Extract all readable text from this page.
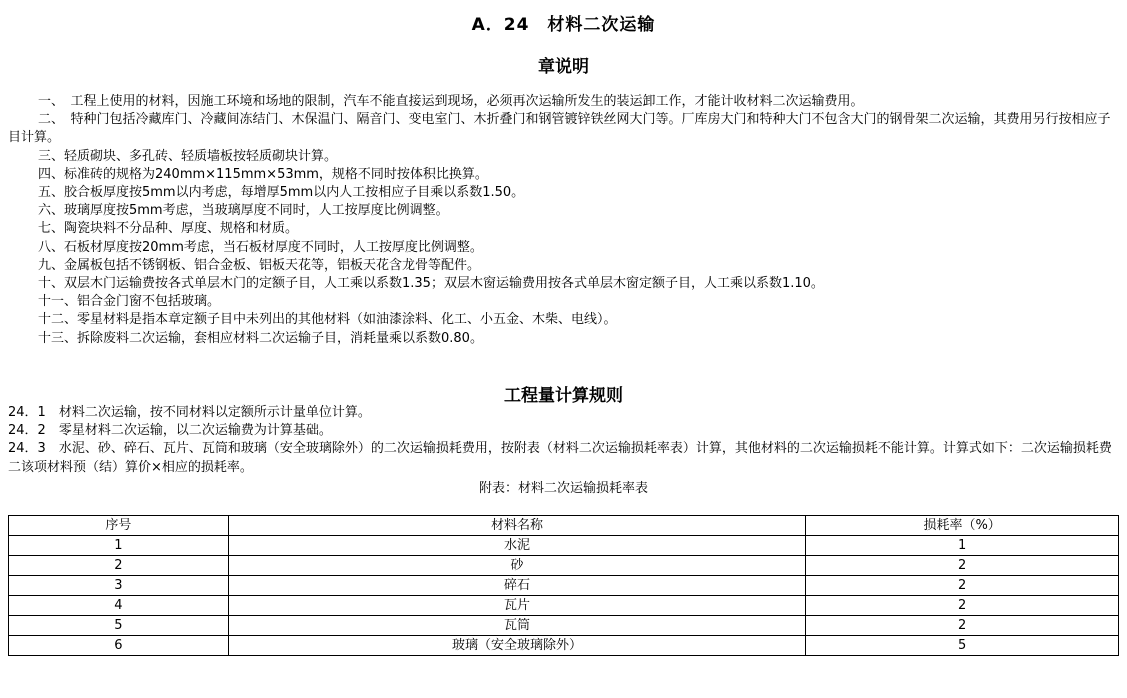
A．24　材料二次运输
章说明
一、　工程上使用的材料，因施工环境和场地的限制，汽车不能直接运到现场，必须再次运输所发生的装运卸工作，才能计收材料二次运输费用。
二、　特种门包括冷藏库门、冷藏间冻结门、木保温门、隔音门、变电室门、木折叠门和钢管镀锌铁丝网大门等。厂库房大门和特种大门不包含大门的钢骨架二次运输，其费用另行按相应子目计算。
三、轻质砌块、多孔砖、轻质墙板按轻质砌块计算。
四、标准砖的规格为240mm×115mm×53mm，规格不同时按体积比换算。
五、胶合板厚度按5mm以内考虑，每增厚5mm以内人工按相应子目乘以系数1.50。
六、玻璃厚度按5mm考虑，当玻璃厚度不同时，人工按厚度比例调整。
七、陶瓷块料不分品种、厚度、规格和材质。
八、石板材厚度按20mm考虑，当石板材厚度不同时，人工按厚度比例调整。
九、金属板包括不锈钢板、铝合金板、铝板天花等，铝板天花含龙骨等配件。
十、双层木门运输费按各式单层木门的定额子目，人工乘以系数1.35；双层木窗运输费用按各式单层木窗定额子目，人工乘以系数1.10。
十一、铝合金门窗不包括玻璃。
十二、零星材料是指本章定额子目中未列出的其他材料（如油漆涂料、化工、小五金、木柴、电线）。
十三、拆除废料二次运输，套相应材料二次运输子目，消耗量乘以系数0.80。
工程量计算规则
24．1　材料二次运输，按不同材料以定额所示计量单位计算。
24．2　零星材料二次运输，以二次运输费为计算基础。
24．3　水泥、砂、碎石、瓦片、瓦筒和玻璃（安全玻璃除外）的二次运输损耗费用，按附表（材料二次运输损耗率表）计算，其他材料的二次运输损耗不能计算。计算式如下：二次运输损耗费二该项材料预（结）算价×相应的损耗率。
附表：材料二次运输损耗率表
序号	材料名称	损耗率（%）
1	水泥	1
2	砂	2
3	碎石	2
4	瓦片	2
5	瓦筒	2
6	玻璃（安全玻璃除外）	5
